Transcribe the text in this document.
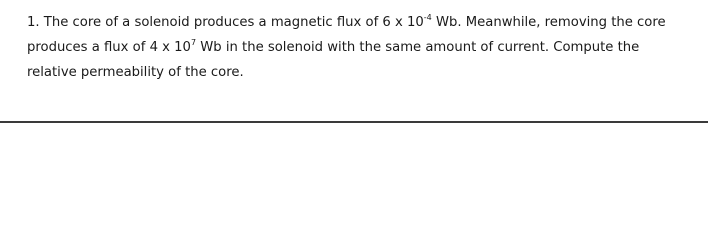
1. The core of a solenoid produces a magnetic flux of 6 x $10^{-4}$ Wb. Meanwhile, removing the core
produces a flux of 4 x $10^7$ Wb in the solenoid with the same amount of current. Compute the
relative permeability of the core.
